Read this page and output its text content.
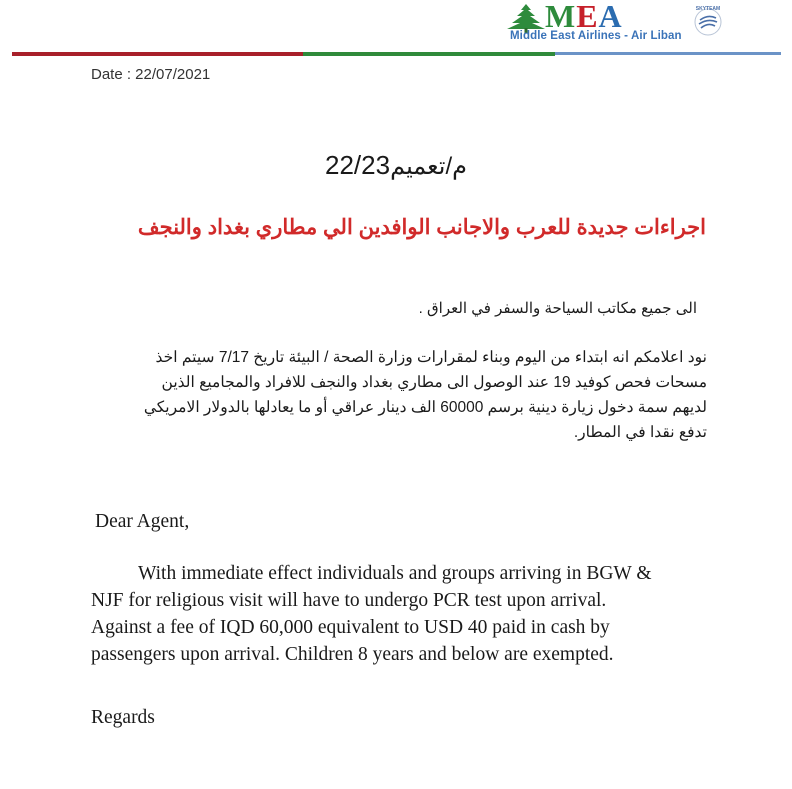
MEA
Middle East Airlines - Air Liban
SKYTEAM
Date : 22/07/2021
م/تعميم22/23
اجراءات جديدة للعرب والاجانب الوافدين الي مطاري بغداد والنجف
الى جميع مكاتب السياحة والسفر في العراق .
نود اعلامكم انه ابتداء من اليوم وبناء لمقرارات وزارة الصحة / البيئة تاريخ 7/17 سيتم اخذ
مسحات فحص كوفيد 19 عند الوصول الى مطاري بغداد والنجف للافراد والمجاميع الذين
لديهم سمة دخول زيارة دينية برسم 60000 الف دينار عراقي أو ما يعادلها بالدولار الامريكي
تدفع نقدا في المطار.
Dear Agent,
With immediate effect individuals and groups arriving in BGW &
NJF for religious visit will have to undergo PCR test upon arrival.
Against a fee of IQD 60,000 equivalent to USD 40 paid in cash by
passengers upon arrival. Children 8 years and below are exempted.
Regards
